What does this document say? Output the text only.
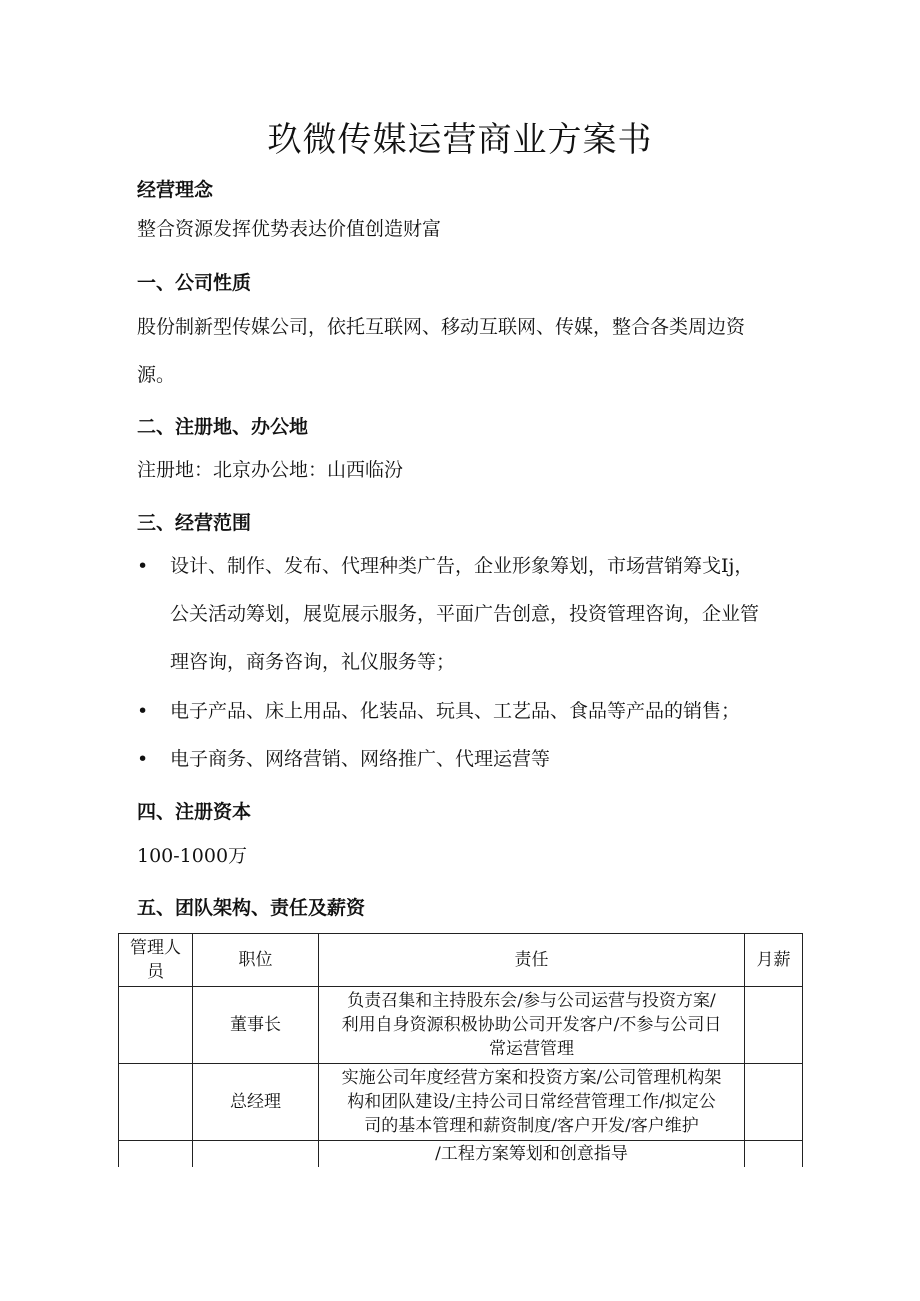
玖微传媒运营商业方案书
经营理念
整合资源发挥优势表达价值创造财富
一、公司性质
股份制新型传媒公司，依托互联网、移动互联网、传媒，整合各类周边资
源。
二、注册地、办公地
注册地：北京办公地：山西临汾
三、经营范围
•	设计、制作、发布、代理种类广告，企业形象筹划，市场营销筹戈Ij，
公关活动筹划，展览展示服务，平面广告创意，投资管理咨询，企业管
理咨询，商务咨询，礼仪服务等；
•	电子产品、床上用品、化装品、玩具、工艺品、食品等产品的销售；
•	电子商务、网络营销、网络推广、代理运营等
四、注册资本
100-1000万
五、团队架构、责任及薪资
管理人员	职位	责任	月薪
	董事长	负责召集和主持股东会/参与公司运营与投资方案/
利用自身资源积极协助公司开发客户/不参与公司日
常运营管理	

	总经理	实施公司年度经营方案和投资方案/公司管理机构架
构和团队建设/主持公司日常经营管理工作/拟定公
司的基本管理和薪资制度/客户开发/客户维护	

		/工程方案筹划和创意指导	
